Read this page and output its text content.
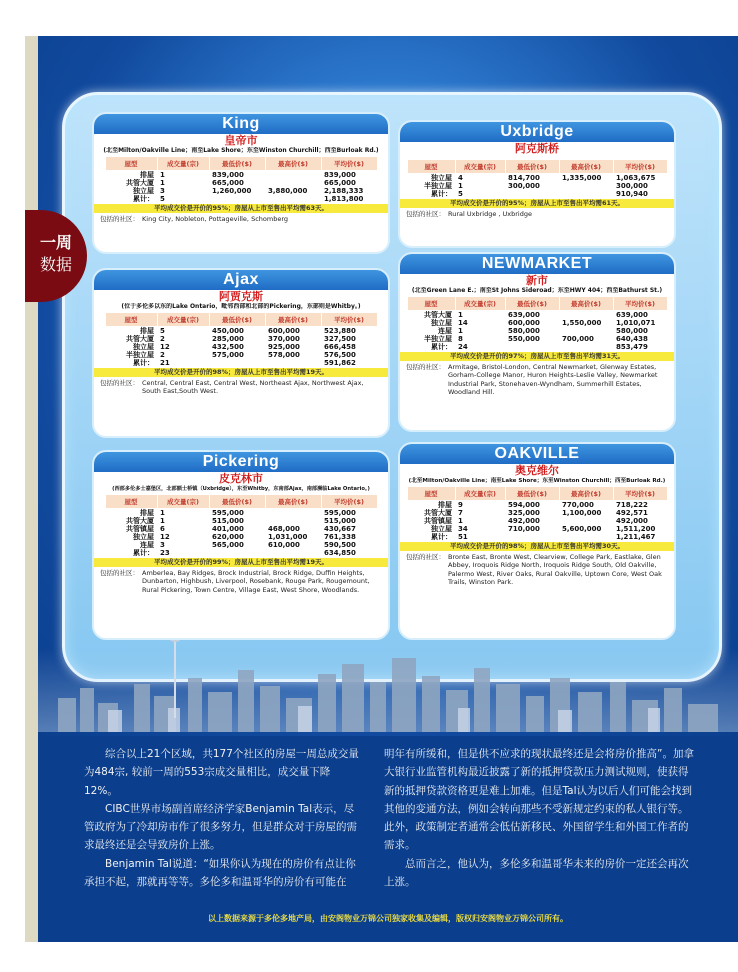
一周
数据
King
皇帝市
(北至Milton/Oakville Line；南至Lake Shore；东至Winston Churchill；西至Burloak Rd.)
屋型	成交量(宗)	最低价($)	最高价($)	平均价($)
排屋	1	839,000		839,000
共管大厦	1	665,000		665,000
独立屋	3	1,260,000	3,880,000	2,188,333
累计：	5			1,813,800
平均成交价是开价的95%；房屋从上市至售出平均需63天。
包括的社区： King City, Nobleton, Pottageville, Schomberg
Uxbridge
阿克斯桥
屋型	成交量(宗)	最低价($)	最高价($)	平均价($)
独立屋	4	814,700	1,335,000	1,063,675
半独立屋	1	300,000		300,000
累计：	5			910,940
平均成交价是开价的95%；房屋从上市至售出平均需61天。
包括的社区： Rural Uxbridge , Uxbridge
Ajax
阿贾克斯
(位于多伦多以东的Lake Ontario，毗邻西部和北部的Pickering，东部则是Whitby。)
屋型	成交量(宗)	最低价($)	最高价($)	平均价($)
排屋	5	450,000	600,000	523,880
共管大厦	2	285,000	370,000	327,500
独立屋	12	432,500	925,000	666,458
半独立屋	2	575,000	578,000	576,500
累计：	21			591,862
平均成交价是开价的98%；房屋从上市至售出平均需19天。
包括的社区： Central, Central East, Central West, Northeast Ajax, Northwest Ajax, South East,South West.
NEWMARKET
新市
(北至Green Lane E.；南至St Johns Sideroad；东至HWY 404；西至Bathurst St.)
屋型	成交量(宗)	最低价($)	最高价($)	平均价($)
共管大厦	1	639,000		639,000
独立屋	14	600,000	1,550,000	1,010,071
连屋	1	580,000		580,000
半独立屋	8	550,000	700,000	640,438
累计：	24			853,479
平均成交价是开价的97%；房屋从上市至售出平均需31天。
包括的社区： Armitage, Bristol-London, Central Newmarket, Glenway Estates, Gorham-College Manor, Huron Heights-Leslie Valley, Newmarket Industrial Park, Stonehaven-Wyndham, Summerhill Estates, Woodland Hill.
Pickering
皮克林市
(西部多伦多士嘉堡区，北部额士桥镇（Uxbridge），东至Whitby，东南部Ajax，南部濒临Lake Ontario。)
屋型	成交量(宗)	最低价($)	最高价($)	平均价($)
排屋	1	595,000		595,000
共管大厦	1	515,000		515,000
共管镇屋	6	401,000	468,000	430,667
独立屋	12	620,000	1,031,000	761,338
连屋	3	565,000	610,000	590,500
累计：	23			634,850
平均成交价是开价的99%；房屋从上市至售出平均需19天。
包括的社区： Amberlea, Bay Ridges, Brock Industrial, Brock Ridge, Duffin Heights, Dunbarton, Highbush, Liverpool, Rosebank, Rouge Park, Rougemount, Rural Pickering, Town Centre, Village East, West Shore, Woodlands.
OAKVILLE
奥克维尔
(北至Milton/Oakville Line；南至Lake Shore；东至Winston Churchill；西至Burloak Rd.)
屋型	成交量(宗)	最低价($)	最高价($)	平均价($)
排屋	9	594,000	770,000	718,222
共管大厦	7	325,000	1,100,000	492,571
共管镇屋	1	492,000		492,000
独立屋	34	710,000	5,600,000	1,511,200
累计：	51			1,211,467
平均成交价是开价的98%；房屋从上市至售出平均需30天。
包括的社区： Bronte East, Bronte West, Clearview, College Park, Eastlake, Glen Abbey, Iroquois Ridge North, Iroquois Ridge South, Old Oakville, Palermo West, River Oaks, Rural Oakville, Uptown Core, West Oak Trails, Winston Park.

综合以上21个区域，共177个社区的房屋一周总成交量为484宗, 较前一周的553宗成交量相比，成交量下降12%。

CIBC世界市场副首席经济学家Benjamin Tal表示，尽管政府为了冷却房市作了很多努力，但是群众对于房屋的需求最终还是会导致房价上涨。

Benjamin Tal说道：“如果你认为现在的房价有点让你承担不起，那就再等等。多伦多和温哥华的房价有可能在

明年有所缓和，但是供不应求的现状最终还是会将房价推高”。加拿大银行业监管机构最近披露了新的抵押贷款压力测试规则，使获得新的抵押贷款资格更是难上加难。但是Tal认为以后人们可能会找到其他的变通方法，例如会转向那些不受新规定约束的私人银行等。此外，政策制定者通常会低估新移民、外国留学生和外国工作者的需求。

总而言之，他认为，多伦多和温哥华未来的房价一定还会再次上涨。

以上数据来源于多伦多地产局，由安阁物业万锦公司独家收集及编辑，版权归安阁物业万锦公司所有。
